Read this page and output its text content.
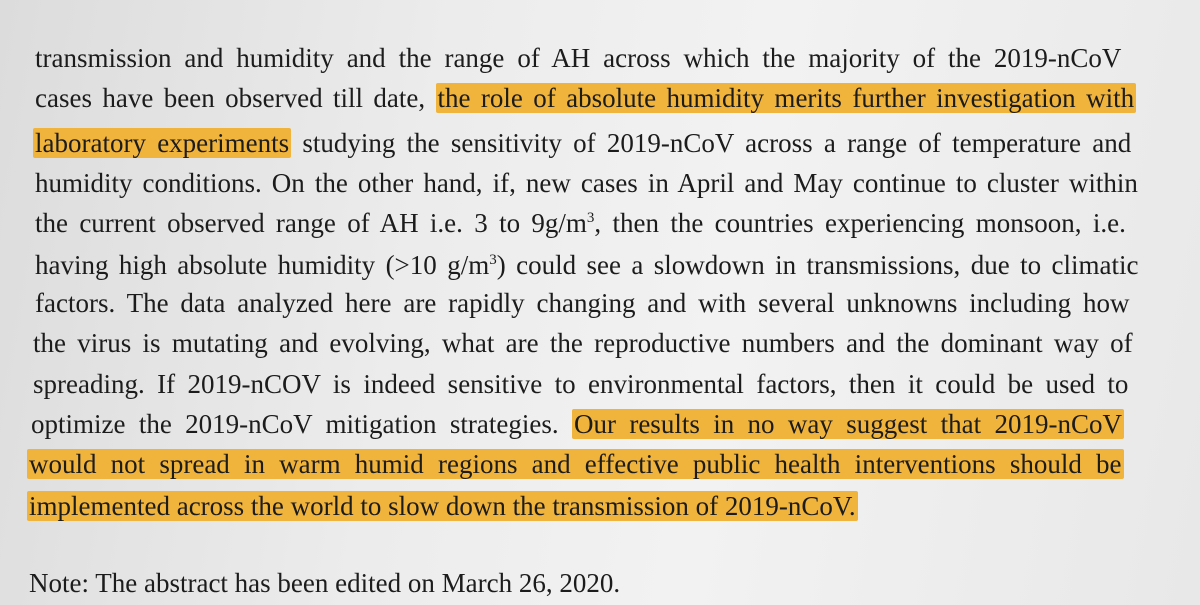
transmission and humidity and the range of AH across which the majority of the 2019-nCoV
cases have been observed till date, the role of absolute humidity merits further investigation with
laboratory experiments studying the sensitivity of 2019-nCoV across a range of temperature and
humidity conditions. On the other hand, if, new cases in April and May continue to cluster within
the current observed range of AH i.e. 3 to $9g/m^3$, then the countries experiencing monsoon, i.e.
having high absolute humidity (>10 $g/m^3$) could see a slowdown in transmissions, due to climatic
factors. The data analyzed here are rapidly changing and with several unknowns including how
the virus is mutating and evolving, what are the reproductive numbers and the dominant way of
spreading. If 2019-nCOV is indeed sensitive to environmental factors, then it could be used to
optimize the 2019-nCoV mitigation strategies. Our results in no way suggest that 2019-nCoV
would not spread in warm humid regions and effective public health interventions should be
implemented across the world to slow down the transmission of 2019-nCoV.
Note: The abstract has been edited on March 26, 2020.
